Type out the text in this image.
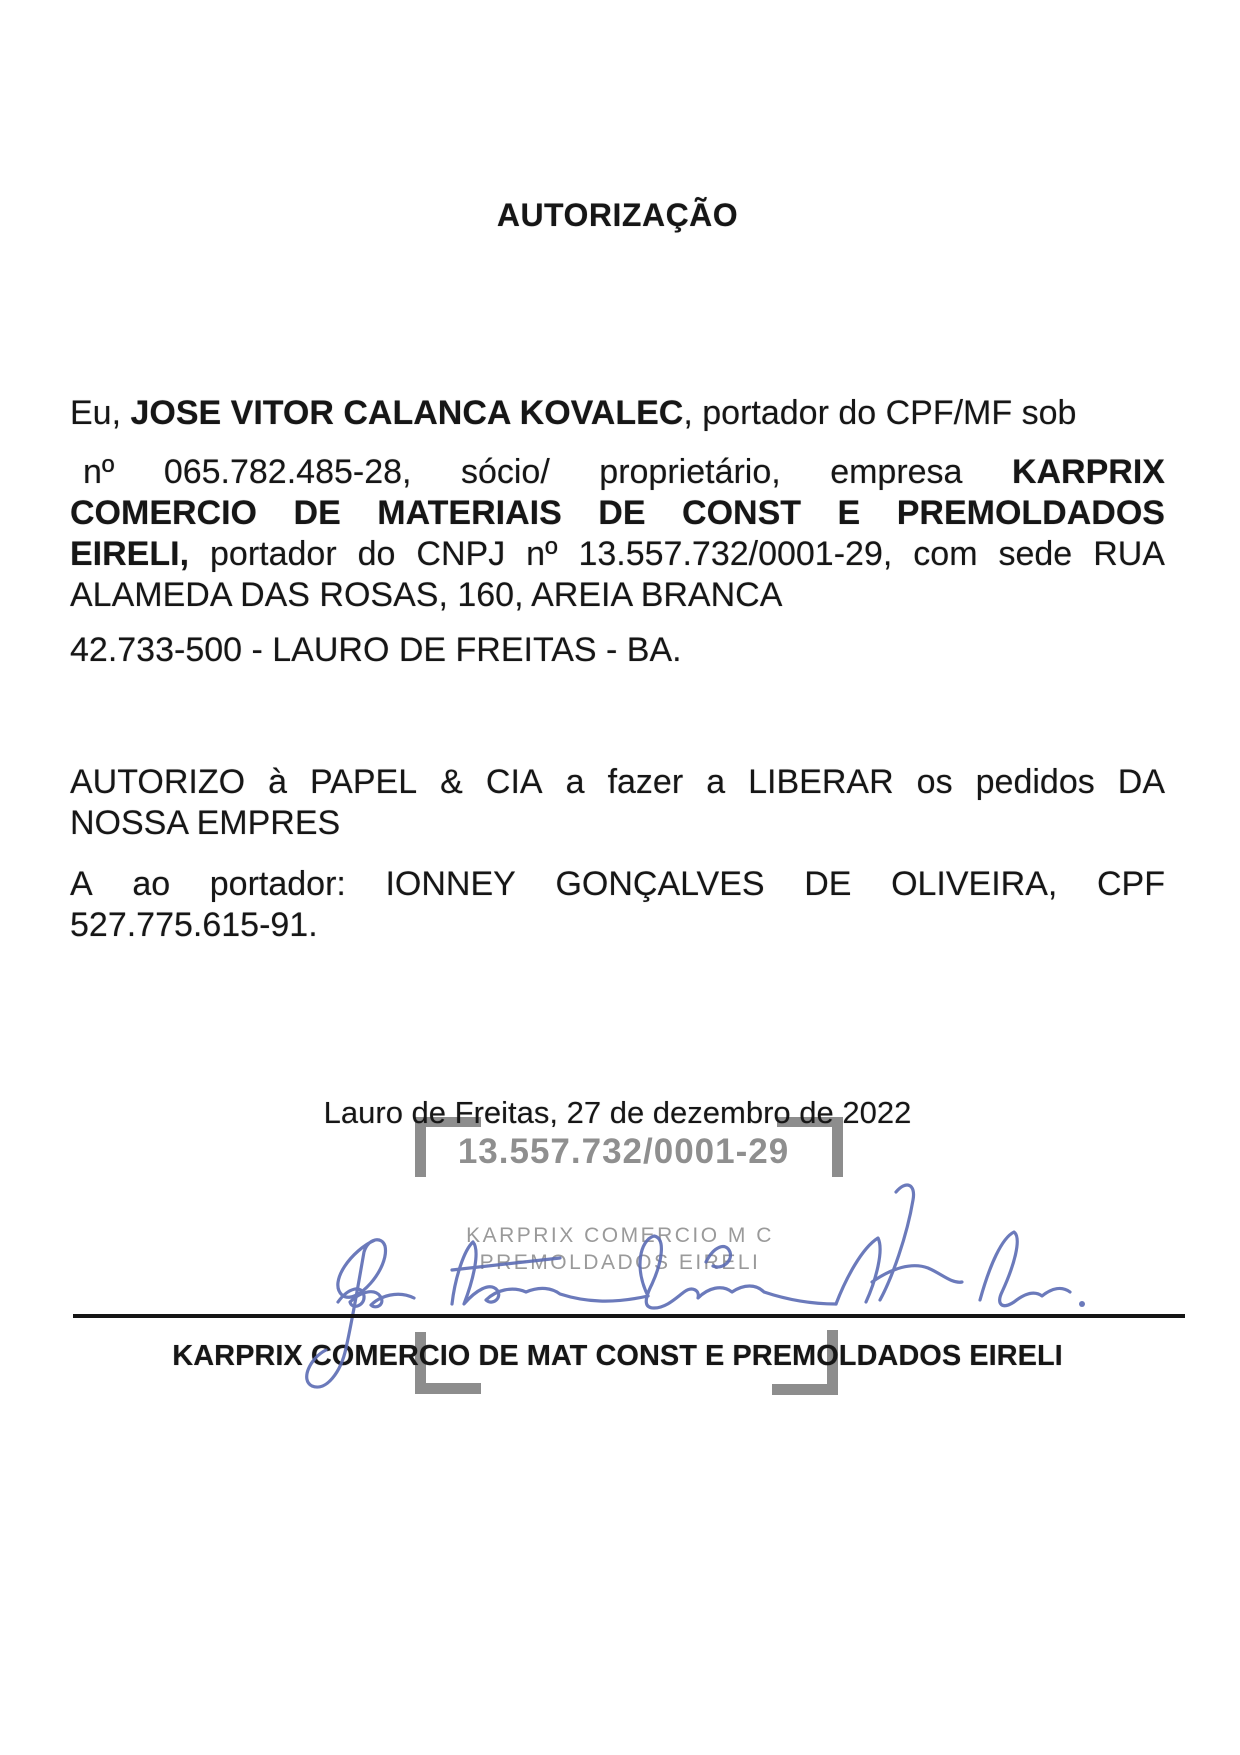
AUTORIZAÇÃO
Eu, JOSE VITOR CALANCA KOVALEC, portador do CPF/MF sob
nº 065.782.485-28, sócio/ proprietário, empresa KARPRIX
COMERCIO DE MATERIAIS DE CONST E PREMOLDADOS
EIRELI, portador do CNPJ nº 13.557.732/0001-29, com sede RUA
ALAMEDA DAS ROSAS, 160, AREIA BRANCA
42.733-500 - LAURO DE FREITAS - BA.
AUTORIZO à PAPEL & CIA a fazer a LIBERAR os pedidos DA
NOSSA EMPRES
A ao portador: IONNEY GONÇALVES DE OLIVEIRA, CPF
527.775.615-91.
Lauro de Freitas, 27 de dezembro de 2022
13.557.732/0001-29
KARPRIX COMERCIO M C
PREMOLDADOS EIRELI
KARPRIX COMERCIO DE MAT CONST E PREMOLDADOS EIRELI
